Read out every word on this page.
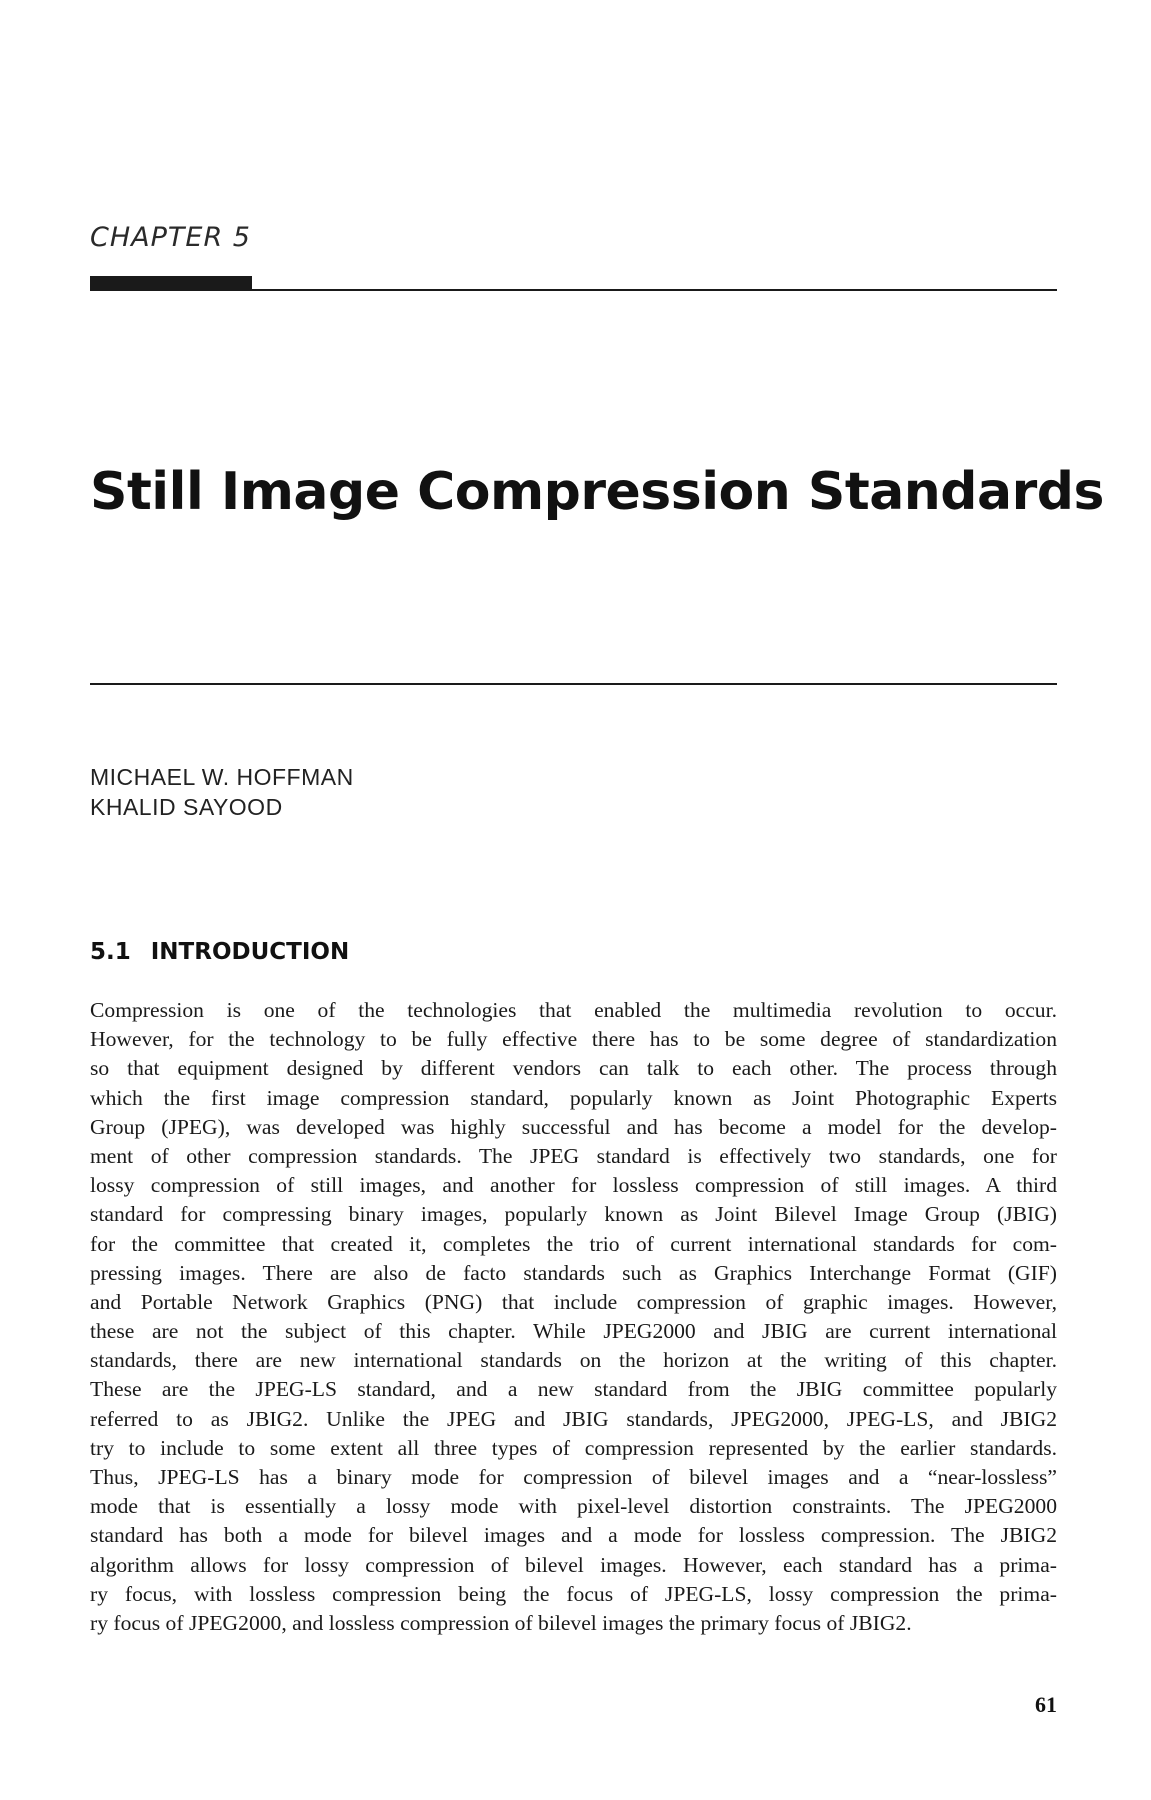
CHAPTER 5
Still Image Compression Standards
MICHAEL W. HOFFMAN
KHALID SAYOOD
5.1 INTRODUCTION
Compression is one of the technologies that enabled the multimedia revolution to occur.
However, for the technology to be fully effective there has to be some degree of standardization
so that equipment designed by different vendors can talk to each other. The process through
which the first image compression standard, popularly known as Joint Photographic Experts
Group (JPEG), was developed was highly successful and has become a model for the develop-
ment of other compression standards. The JPEG standard is effectively two standards, one for
lossy compression of still images, and another for lossless compression of still images. A third
standard for compressing binary images, popularly known as Joint Bilevel Image Group (JBIG)
for the committee that created it, completes the trio of current international standards for com-
pressing images. There are also de facto standards such as Graphics Interchange Format (GIF)
and Portable Network Graphics (PNG) that include compression of graphic images. However,
these are not the subject of this chapter. While JPEG2000 and JBIG are current international
standards, there are new international standards on the horizon at the writing of this chapter.
These are the JPEG-LS standard, and a new standard from the JBIG committee popularly
referred to as JBIG2. Unlike the JPEG and JBIG standards, JPEG2000, JPEG-LS, and JBIG2
try to include to some extent all three types of compression represented by the earlier standards.
Thus, JPEG-LS has a binary mode for compression of bilevel images and a “near-lossless”
mode that is essentially a lossy mode with pixel-level distortion constraints. The JPEG2000
standard has both a mode for bilevel images and a mode for lossless compression. The JBIG2
algorithm allows for lossy compression of bilevel images. However, each standard has a prima-
ry focus, with lossless compression being the focus of JPEG-LS, lossy compression the prima-
ry focus of JPEG2000, and lossless compression of bilevel images the primary focus of JBIG2.
61
